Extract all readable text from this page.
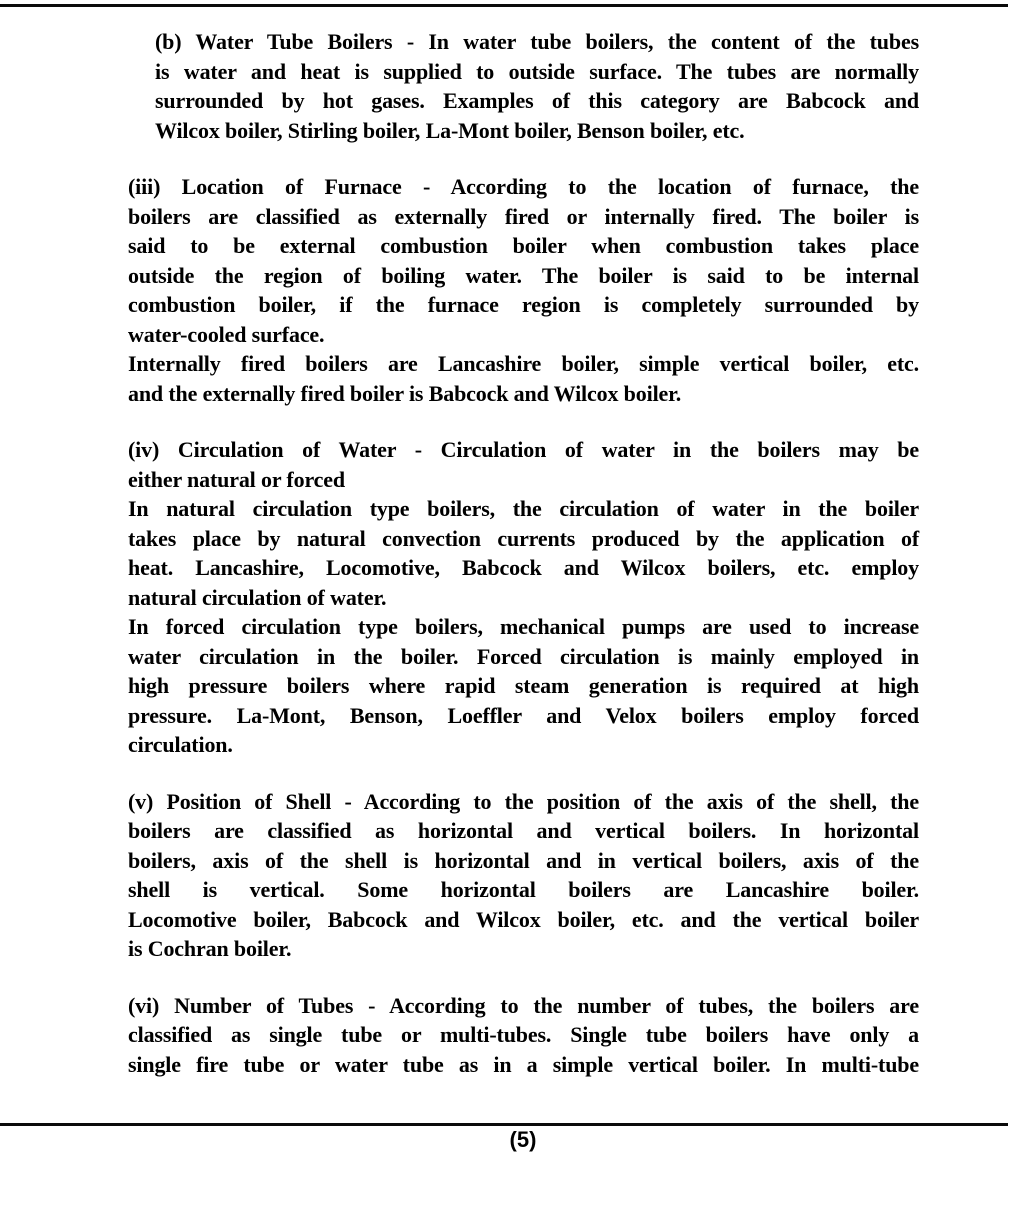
(b) Water Tube Boilers - In water tube boilers, the content of the tubes
is water and heat is supplied to outside surface. The tubes are normally
surrounded by hot gases. Examples of this category are Babcock and
Wilcox boiler, Stirling boiler, La-Mont boiler, Benson boiler, etc.
(iii) Location of Furnace - According to the location of furnace, the
boilers are classified as externally fired or internally fired. The boiler is
said to be external combustion boiler when combustion takes place
outside the region of boiling water. The boiler is said to be internal
combustion boiler, if the furnace region is completely surrounded by
water-cooled surface.
Internally fired boilers are Lancashire boiler, simple vertical boiler, etc.
and the externally fired boiler is Babcock and Wilcox boiler.
(iv) Circulation of Water - Circulation of water in the boilers may be
either natural or forced
In natural circulation type boilers, the circulation of water in the boiler
takes place by natural convection currents produced by the application of
heat. Lancashire, Locomotive, Babcock and Wilcox boilers, etc. employ
natural circulation of water.
In forced circulation type boilers, mechanical pumps are used to increase
water circulation in the boiler. Forced circulation is mainly employed in
high pressure boilers where rapid steam generation is required at high
pressure. La-Mont, Benson, Loeffler and Velox boilers employ forced
circulation.
(v) Position of Shell - According to the position of the axis of the shell, the
boilers are classified as horizontal and vertical boilers. In horizontal
boilers, axis of the shell is horizontal and in vertical boilers, axis of the
shell is vertical. Some horizontal boilers are Lancashire boiler.
Locomotive boiler, Babcock and Wilcox boiler, etc. and the vertical boiler
is Cochran boiler.
(vi) Number of Tubes - According to the number of tubes, the boilers are
classified as single tube or multi-tubes. Single tube boilers have only a
single fire tube or water tube as in a simple vertical boiler. In multi-tube
(5)
